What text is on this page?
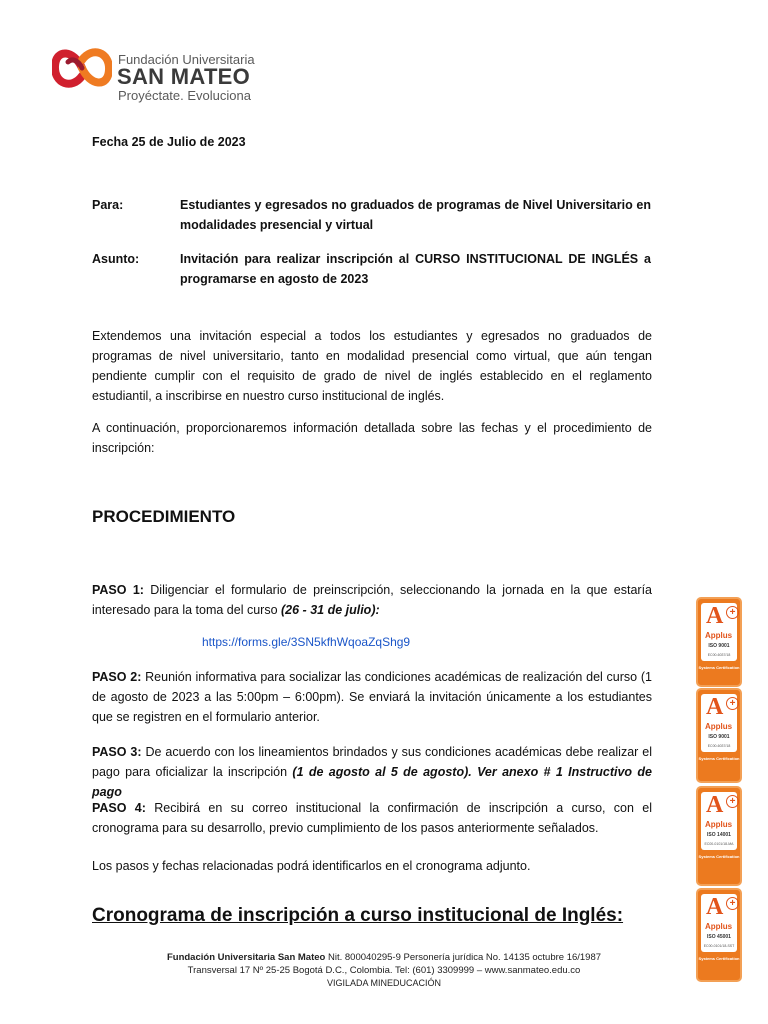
Fundación Universitaria
SAN MATEO
Proyéctate. Evoluciona
Fecha 25 de Julio de 2023
Para:	Estudiantes y egresados no graduados de programas de Nivel Universitario en modalidades presencial y virtual
Asunto:	Invitación para realizar inscripción al CURSO INSTITUCIONAL DE INGLÉS a programarse en agosto de 2023
Extendemos una invitación especial a todos los estudiantes y egresados no graduados de programas de nivel universitario, tanto en modalidad presencial como virtual, que aún tengan pendiente cumplir con el requisito de grado de nivel de inglés establecido en el reglamento estudiantil, a inscribirse en nuestro curso institucional de inglés.
A continuación, proporcionaremos información detallada sobre las fechas y el procedimiento de inscripción:
PROCEDIMIENTO
PASO 1: Diligenciar el formulario de preinscripción, seleccionando la jornada en la que estaría interesado para la toma del curso (26 - 31 de julio):
https://forms.gle/3SN5kfhWqoaZqShg9
PASO 2: Reunión informativa para socializar las condiciones académicas de realización del curso (1 de agosto de 2023 a las 5:00pm – 6:00pm). Se enviará la invitación únicamente a los estudiantes que se registren en el formulario anterior.
PASO 3: De acuerdo con los lineamientos brindados y sus condiciones académicas debe realizar el pago para oficializar la inscripción (1 de agosto al 5 de agosto). Ver anexo # 1 Instructivo de pago
PASO 4: Recibirá en su correo institucional la confirmación de inscripción a curso, con el cronograma para su desarrollo, previo cumplimiento de los pasos anteriormente señalados.
Los pasos y fechas relacionadas podrá identificarlos en el cronograma adjunto.
Cronograma de inscripción a curso institucional de Inglés:
Fundación Universitaria San Mateo Nit. 800040295-9 Personería jurídica No. 14135 octubre 16/1987
Transversal 17 Nº 25-25 Bogotá D.C., Colombia. Tel: (601) 3309999 – www.sanmateo.edu.co
VIGILADA MINEDUCACIÓN
A +
Applus
ISO 9001
EC00-6037/18
Systems Certification
A +
Applus
ISO 9001
EC00-6037/18
Systems Certification
A +
Applus
ISO 14001
EC00-0101/18-MA
Systems Certification
A +
Applus
ISO 45001
EC00-0101/18-SST
Systems Certification
